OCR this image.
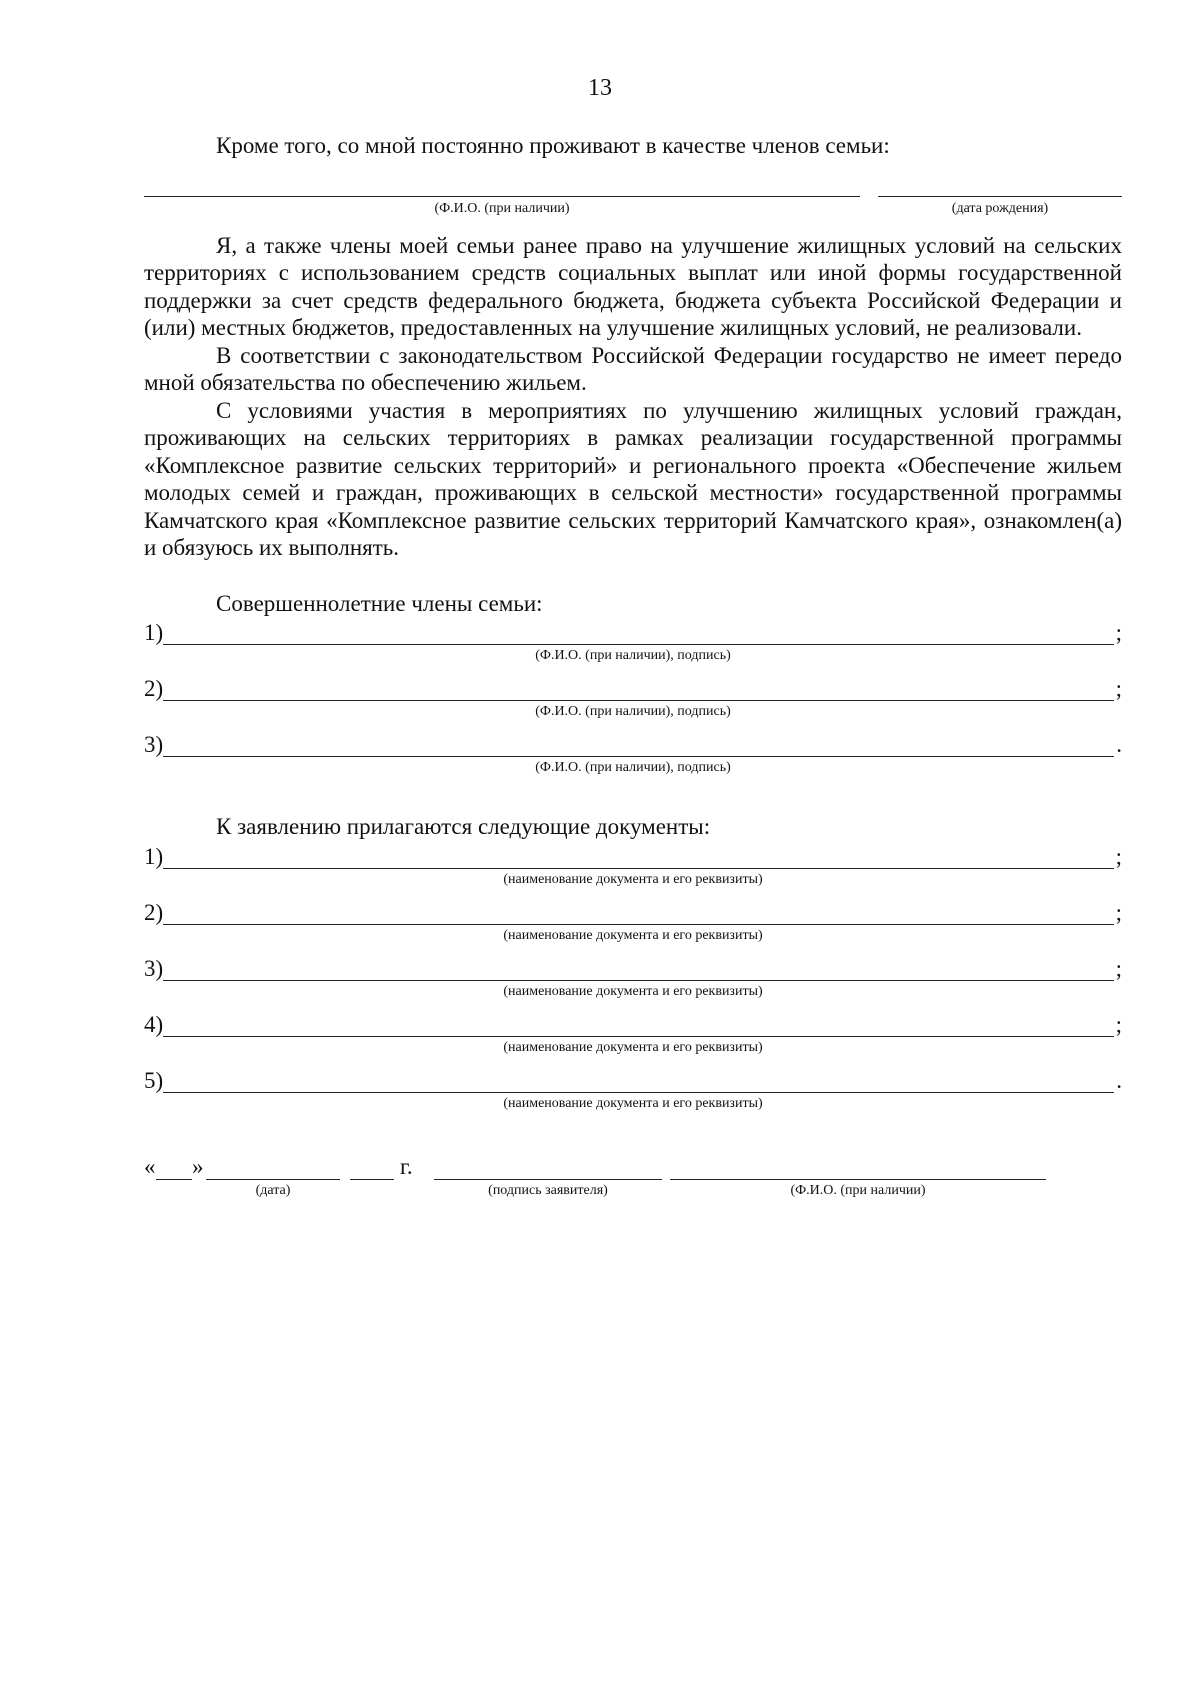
13

Кроме того, со мной постоянно проживают в качестве членов семьи:

(Ф.И.О. (при наличии)	(дата рождения)

Я, а также члены моей семьи ранее право на улучшение жилищных условий на сельских территориях с использованием средств социальных выплат или иной формы государственной поддержки за счет средств федерального бюджета, бюджета субъекта Российской Федерации и (или) местных бюджетов, предоставленных на улучшение жилищных условий, не реализовали.

В соответствии с законодательством Российской Федерации государство не имеет передо мной обязательства по обеспечению жильем.

С условиями участия в мероприятиях по улучшению жилищных условий граждан, проживающих на сельских территориях в рамках реализации государственной программы «Комплексное развитие сельских территорий» и регионального проекта «Обеспечение жильем молодых семей и граждан, проживающих в сельской местности» государственной программы Камчатского края «Комплексное развитие сельских территорий Камчатского края», ознакомлен(а) и обязуюсь их выполнять.

Совершеннолетние члены семьи:

1)	;
(Ф.И.О. (при наличии), подпись)
2)	;
(Ф.И.О. (при наличии), подпись)
3)	.
(Ф.И.О. (при наличии), подпись)

К заявлению прилагаются следующие документы:

1)	;
(наименование документа и его реквизиты)
2)	;
(наименование документа и его реквизиты)
3)	;
(наименование документа и его реквизиты)
4)	;
(наименование документа и его реквизиты)
5)	.
(наименование документа и его реквизиты)
« »	г.
(дата)	(подпись заявителя)	(Ф.И.О. (при наличии)
